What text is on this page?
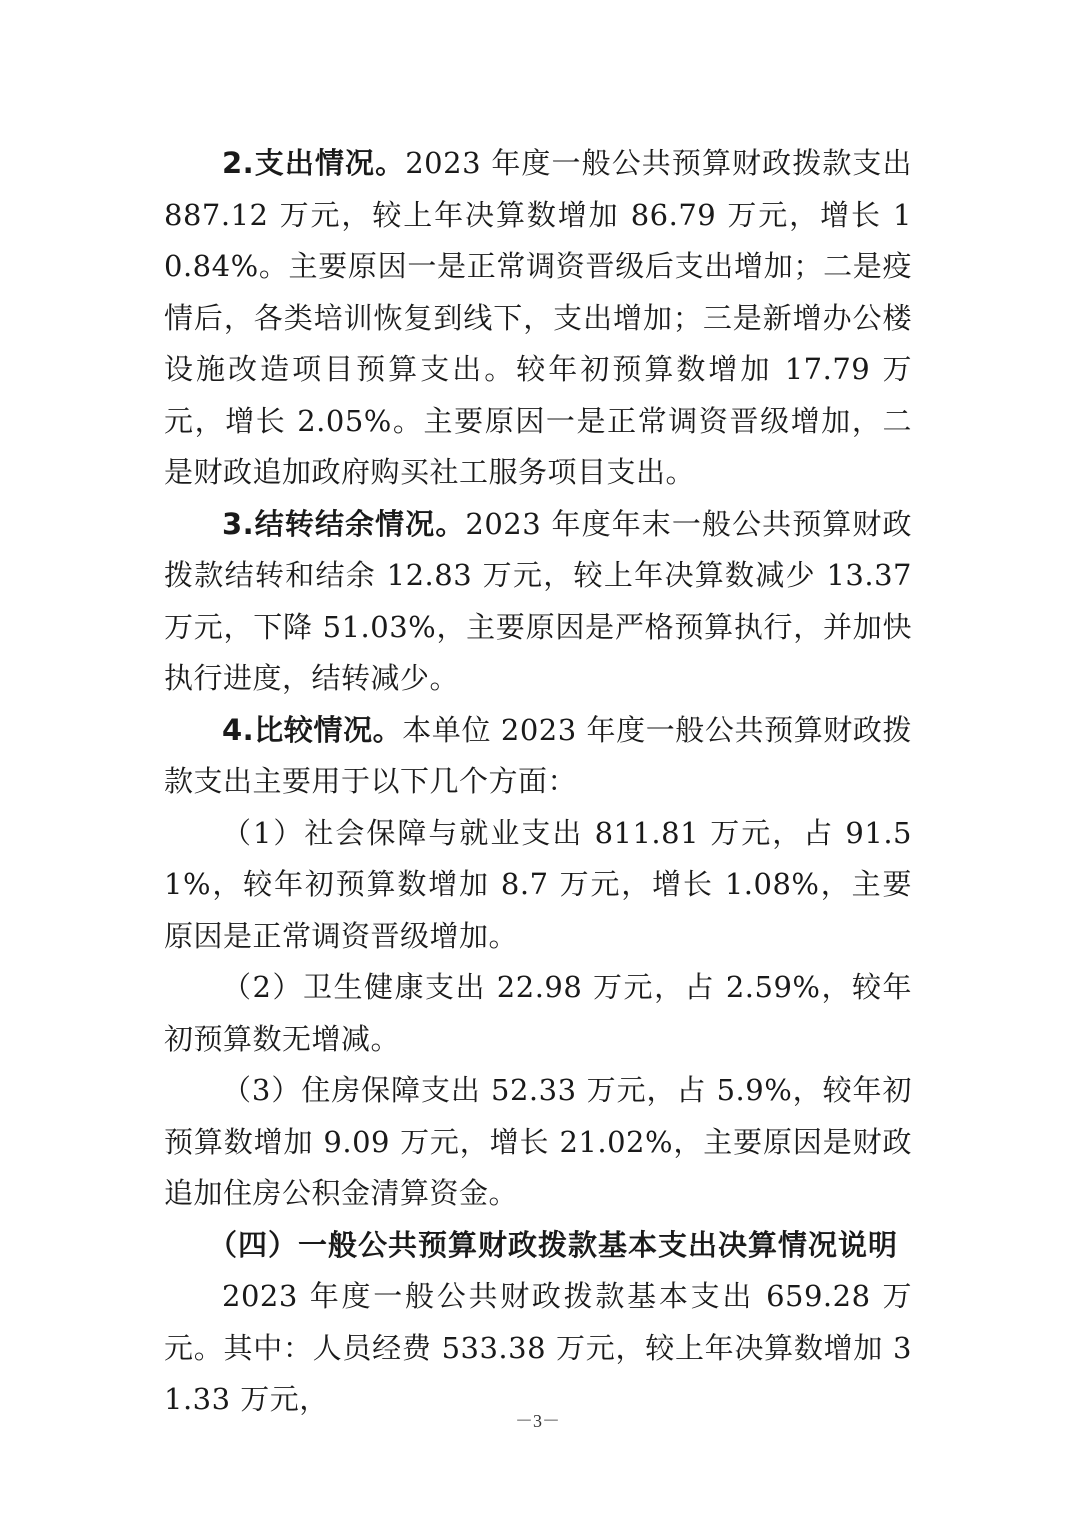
2.支出情况。2023 年度一般公共预算财政拨款支出 887.12 万元，较上年决算数增加 86.79 万元，增长 10.84%。主要原因一是正常调资晋级后支出增加；二是疫情后，各类培训恢复到线下，支出增加；三是新增办公楼设施改造项目预算支出。较年初预算数增加 17.79 万元，增长 2.05%。主要原因一是正常调资晋级增加，二是财政追加政府购买社工服务项目支出。

3.结转结余情况。2023 年度年末一般公共预算财政拨款结转和结余 12.83 万元，较上年决算数减少 13.37 万元，下降 51.03%，主要原因是严格预算执行，并加快执行进度，结转减少。

4.比较情况。本单位 2023 年度一般公共预算财政拨款支出主要用于以下几个方面：

（1）社会保障与就业支出 811.81 万元，占 91.51%，较年初预算数增加 8.7 万元，增长 1.08%，主要原因是正常调资晋级增加。

（2）卫生健康支出 22.98 万元，占 2.59%，较年初预算数无增减。

（3）住房保障支出 52.33 万元，占 5.9%，较年初预算数增加 9.09 万元，增长 21.02%，主要原因是财政追加住房公积金清算资金。

（四）一般公共预算财政拨款基本支出决算情况说明

2023 年度一般公共财政拨款基本支出 659.28 万元。其中：人员经费 533.38 万元，较上年决算数增加 31.33 万元，

－3－
